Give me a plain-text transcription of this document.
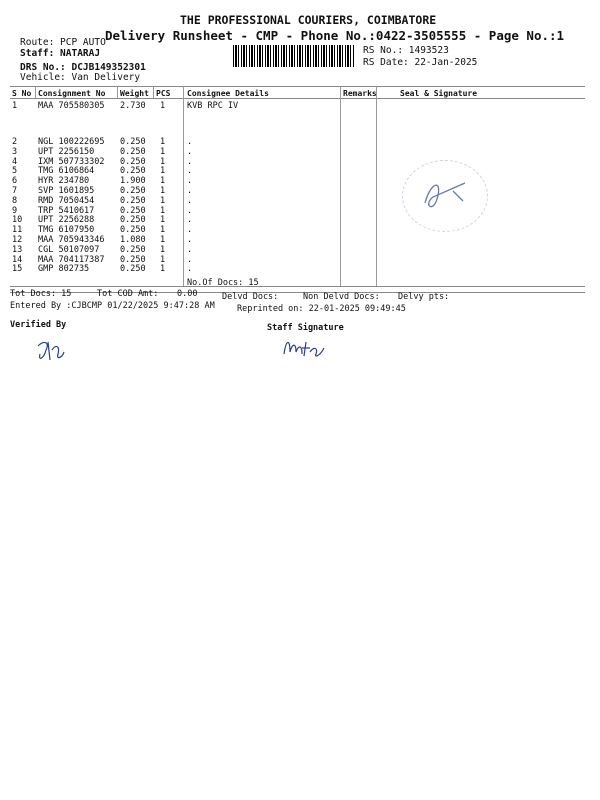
THE PROFESSIONAL COURIERS, COIMBATORE
Delivery Runsheet - CMP - Phone No.:0422-3505555 - Page No.:1
Route: PCP AUTO
Staff: NATARAJ
DRS No.: DCJB149352301
Vehicle: Van Delivery
RS No.: 1493523
RS Date: 22-Jan-2025
S No Consignment No Weight PCS Consignee Details	Remarks	Seal & Signature
1 MAA 705580305 2.730 1	KVB RPC IV
2 NGL 100222695 0.250 1	.
3 UPT 2256150	0.250 1	.
4 IXM 507733302 0.250 1	.
5 TMG 6106864	0.250 1	.
6 HYR 234780	1.900 1	.
7 SVP 1601895	0.250 1	.
8 RMD 7050454	0.250 1	.
9 TRP 5410617	0.250 1	.
10 UPT 2256288	0.250 1	.
11 TMG 6107950	0.250 1	.
12 MAA 705943346 1.080 1	.
13 CGL 50107097 0.250 1	.
14 MAA 704117387 0.250 1	.
15 GMP 802735	0.250 1	.
No.Of Docs: 15
Tot Docs: 15	Tot COD Amt: 0.00	Delvd Docs:	Non Delvd Docs: Delvy pts:
Entered By :CJBCMP 01/22/2025 9:47:28 AM	Reprinted on: 22-01-2025 09:49:45
Verified By	Staff Signature
